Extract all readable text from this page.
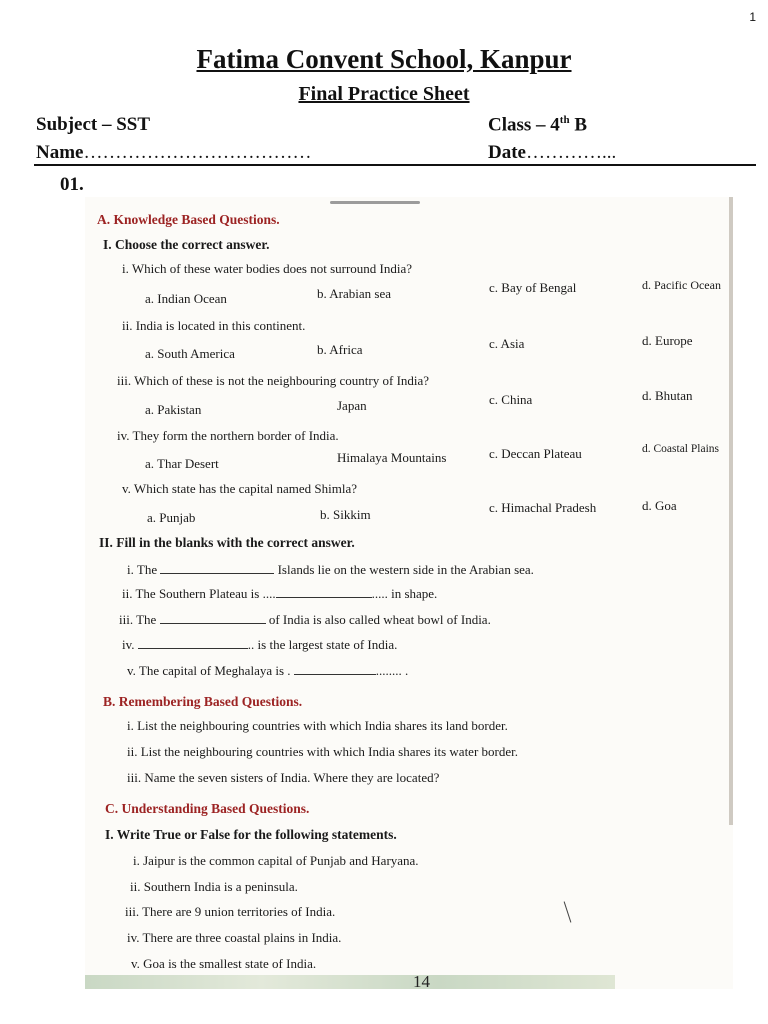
1
Fatima Convent School, Kanpur
Final Practice Sheet
Subject – SST	Class – 4th B
Name………………………………	Date…………...
01.
A. Knowledge Based Questions.
I. Choose the correct answer.
i. Which of these water bodies does not surround India?
a. Indian Ocean	b. Arabian sea	c. Bay of Bengal	d. Pacific Ocean
ii. India is located in this continent.
a. South America	b. Africa	c. Asia	d. Europe
iii. Which of these is not the neighbouring country of India?
a. Pakistan	Japan	c. China	d. Bhutan
iv. They form the northern border of India.
a. Thar Desert	Himalaya Mountains	c. Deccan Plateau	d. Coastal Plains
v. Which state has the capital named Shimla?
a. Punjab	b. Sikkim	c. Himachal Pradesh	d. Goa
II. Fill in the blanks with the correct answer.
i. The	Islands lie on the western side in the Arabian sea.
ii. The Southern Plateau is ....	..... in shape.
iii. The	of India is also called wheat bowl of India.
iv.	.. is the largest state of India.
v. The capital of Meghalaya is .	........ .
B. Remembering Based Questions.
i. List the neighbouring countries with which India shares its land border.
ii. List the neighbouring countries with which India shares its water border.
iii. Name the seven sisters of India. Where they are located?
C. Understanding Based Questions.
I. Write True or False for the following statements.
i. Jaipur is the common capital of Punjab and Haryana.
ii. Southern India is a peninsula.
iii. There are 9 union territories of India.
iv. There are three coastal plains in India.
v. Goa is the smallest state of India.
14
